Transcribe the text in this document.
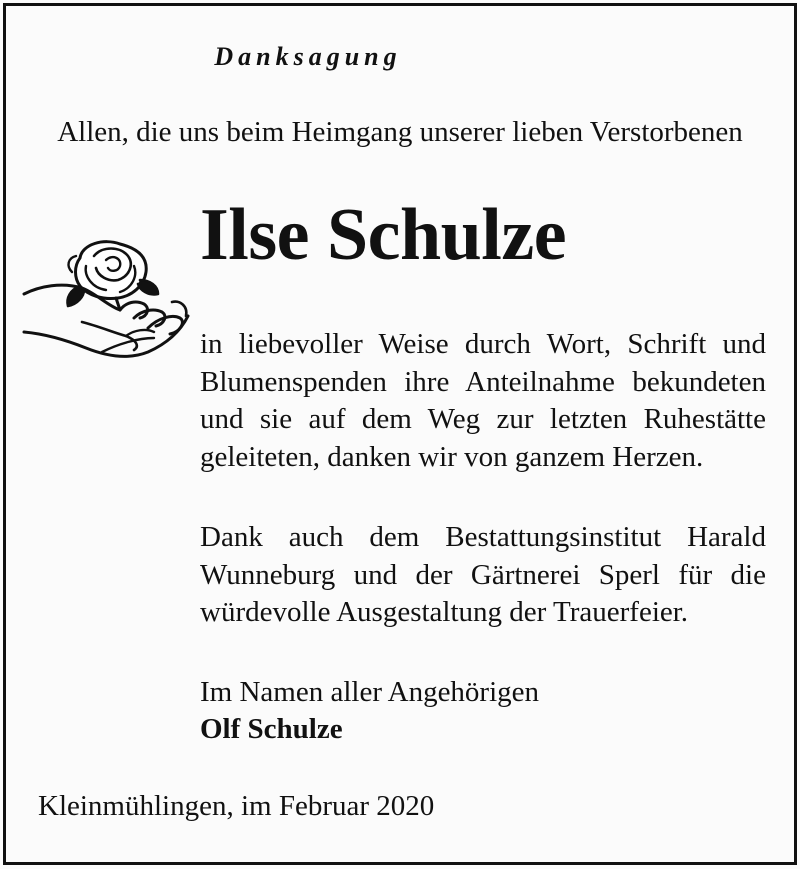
Danksagung
Allen, die uns beim Heimgang unserer lieben Verstorbenen
Ilse Schulze

in liebevoller Weise durch Wort, Schrift und Blumenspenden ihre Anteilnahme bekundeten und sie auf dem Weg zur letzten Ruhestätte geleiteten, danken wir von ganzem Herzen.

Dank auch dem Bestattungsinstitut Harald Wunneburg und der Gärtnerei Sperl für die würdevolle Ausgestaltung der Trauerfeier.

Im Namen aller Angehörigen
Olf Schulze
Kleinmühlingen, im Februar 2020
